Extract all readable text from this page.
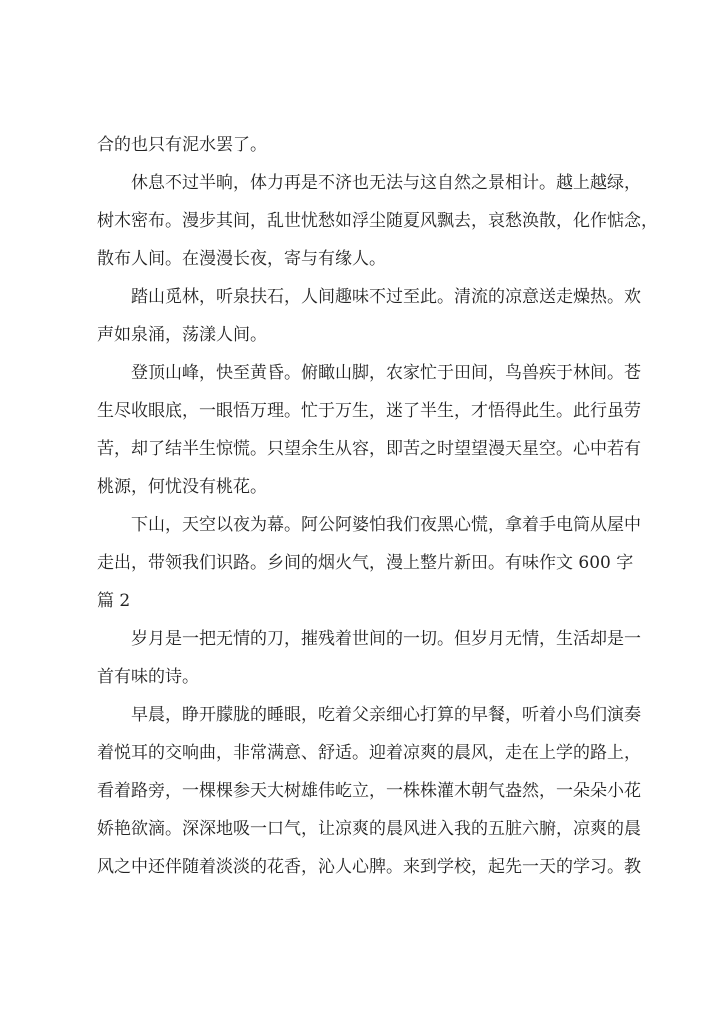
合的也只有泥水罢了。
休息不过半晌，体力再是不济也无法与这自然之景相计。越上越绿，
树木密布。漫步其间，乱世忧愁如浮尘随夏风飘去，哀愁涣散，化作惦念，
散布人间。在漫漫长夜，寄与有缘人。
踏山觅林，听泉扶石，人间趣味不过至此。清流的凉意送走燥热。欢
声如泉涌，荡漾人间。
登顶山峰，快至黄昏。俯瞰山脚，农家忙于田间，鸟兽疾于林间。苍
生尽收眼底，一眼悟万理。忙于万生，迷了半生，才悟得此生。此行虽劳
苦，却了结半生惊慌。只望余生从容，即苦之时望望漫天星空。心中若有
桃源，何忧没有桃花。
下山，天空以夜为幕。阿公阿婆怕我们夜黑心慌，拿着手电筒从屋中
走出，带领我们识路。乡间的烟火气，漫上整片新田。有味作文 600 字
篇 2
岁月是一把无情的刀，摧残着世间的一切。但岁月无情，生活却是一
首有味的诗。
早晨，睁开朦胧的睡眼，吃着父亲细心打算的早餐，听着小鸟们演奏
着悦耳的交响曲，非常满意、舒适。迎着凉爽的晨风，走在上学的路上，
看着路旁，一棵棵参天大树雄伟屹立，一株株灌木朝气盎然，一朵朵小花
娇艳欲滴。深深地吸一口气，让凉爽的晨风进入我的五脏六腑，凉爽的晨
风之中还伴随着淡淡的花香，沁人心脾。来到学校，起先一天的学习。教
